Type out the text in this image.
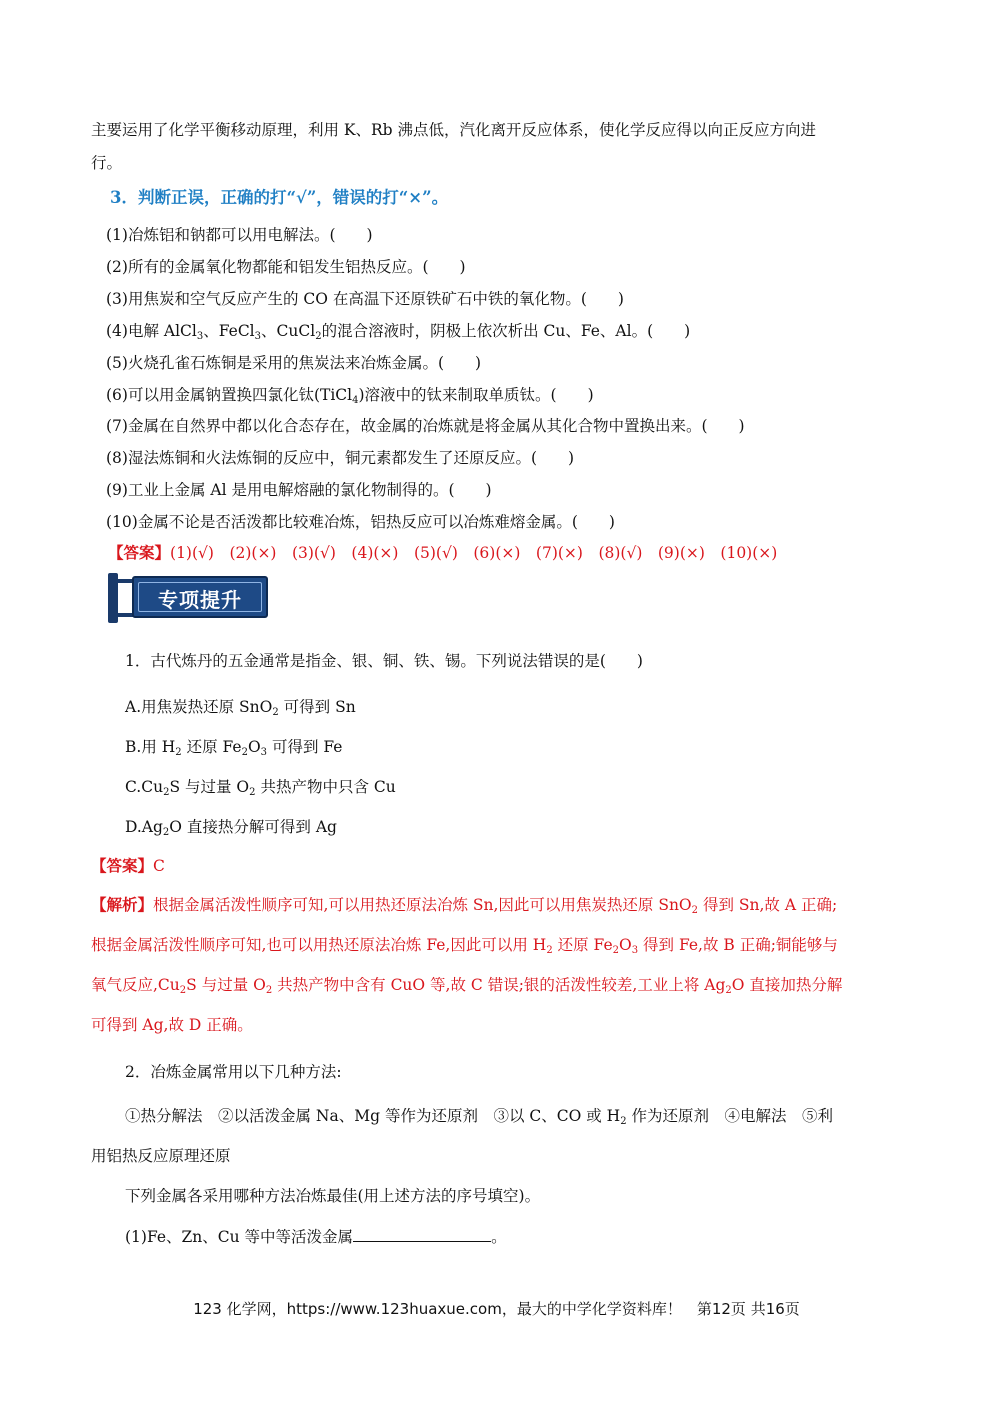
主要运用了化学平衡移动原理，利用 K、Rb 沸点低，汽化离开反应体系，使化学反应得以向正反应方向进
行。
3．判断正误，正确的打“√”，错误的打“×”。
(1)冶炼铝和钠都可以用电解法。(　　)
(2)所有的金属氧化物都能和铝发生铝热反应。(　　)
(3)用焦炭和空气反应产生的 CO 在高温下还原铁矿石中铁的氧化物。(　　)
(4)电解 AlCl$_3$、FeCl$_3$、CuCl$_2$的混合溶液时，阴极上依次析出 Cu、Fe、Al。(　　)
(5)火烧孔雀石炼铜是采用的焦炭法来冶炼金属。(　　)
(6)可以用金属钠置换四氯化钛(TiCl$_4$)溶液中的钛来制取单质钛。(　　)
(7)金属在自然界中都以化合态存在，故金属的冶炼就是将金属从其化合物中置换出来。(　　)
(8)湿法炼铜和火法炼铜的反应中，铜元素都发生了还原反应。(　　)
(9)工业上金属 Al 是用电解熔融的氯化物制得的。(　　)
(10)金属不论是否活泼都比较难冶炼，铝热反应可以冶炼难熔金属。(　　)
【答案】(1)(√)　(2)(×)　(3)(√)　(4)(×)　(5)(√)　(6)(×)　(7)(×)　(8)(√)　(9)(×)　(10)(×)
专项提升
1．古代炼丹的五金通常是指金、银、铜、铁、锡。下列说法错误的是(　　)
A.用焦炭热还原 SnO$_2$ 可得到 Sn
B.用 $H_2$ 还原 $Fe_2O_3$ 可得到 Fe
$C.Cu_2S$ 与过量 $O_2$ 共热产物中只含 Cu
$D.Ag_2O$ 直接热分解可得到 Ag
【答案】C
【解析】根据金属活泼性顺序可知,可以用热还原法冶炼 Sn,因此可以用焦炭热还原 SnO$_2$ 得到 Sn,故 A 正确;
根据金属活泼性顺序可知,也可以用热还原法冶炼 Fe,因此可以用 $H_2$ 还原 $Fe_2O_3$ 得到 Fe,故 B 正确;铜能够与
氧气反应$,Cu_2S$ 与过量 $O_2$ 共热产物中含有 CuO 等,故 C 错误;银的活泼性较差,工业上将 $Ag_2O$ 直接加热分解
可得到 Ag,故 D 正确。
2．冶炼金属常用以下几种方法:
①热分解法　②以活泼金属 Na、Mg 等作为还原剂　③以 C、CO 或 $H_2$ 作为还原剂　④电解法　⑤利
用铝热反应原理还原
下列金属各采用哪种方法冶炼最佳(用上述方法的序号填空)。
(1)Fe、Zn、Cu 等中等活泼金属	。
123 化学网，https://www.123huaxue.com，最大的中学化学资料库！　第12页 共16页
